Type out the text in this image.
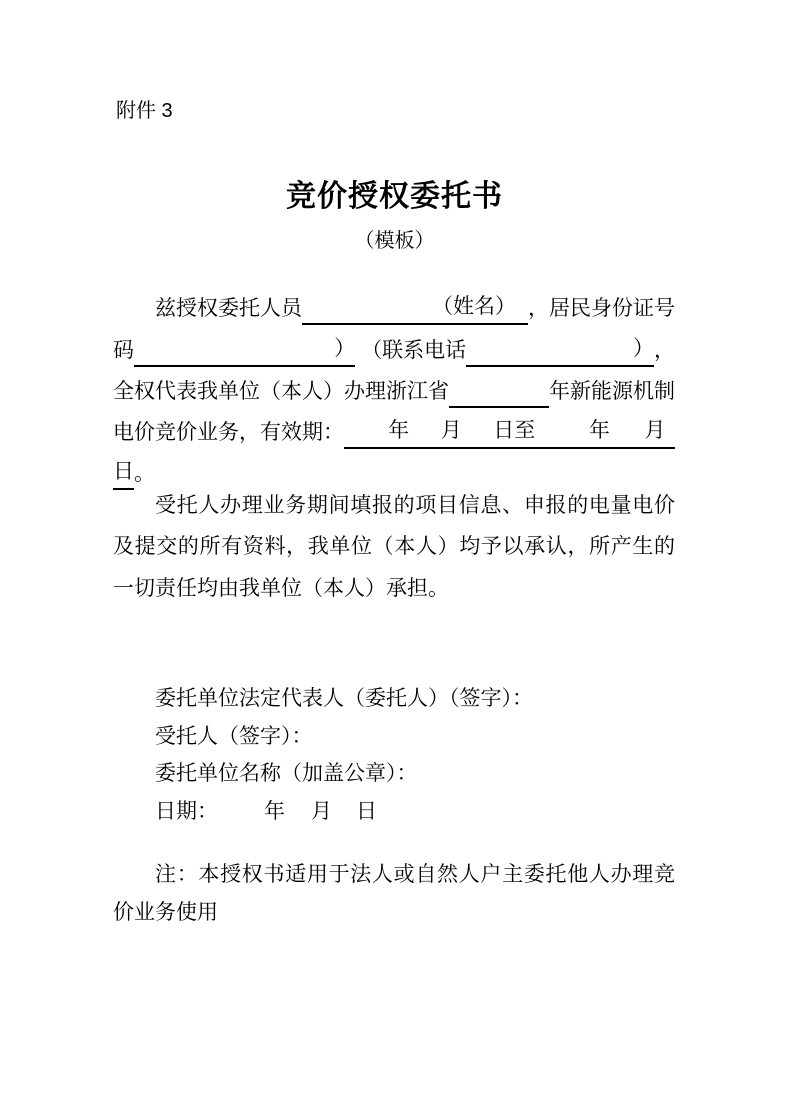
附件 3
竞价授权委托书
（模板）
兹授权委托人员	（姓名） ，居民身份证号
码	） （联系电话	） ，
全权代表我单位（本人）办理浙江省	年新能源机制
电价竞价业务，有效期： 年 月 日至	年 月
日 。
受托人办理业务期间填报的项目信息、申报的电量电价
及提交的所有资料，我单位（本人）均予以承认，所产生的
一切责任均由我单位（本人）承担。
委托单位法定代表人（委托人）（签字）：
受托人（签字）：
委托单位名称（加盖公章）：
日期： 年 月 日
注：本授权书适用于法人或自然人户主委托他人办理竞
价业务使用
